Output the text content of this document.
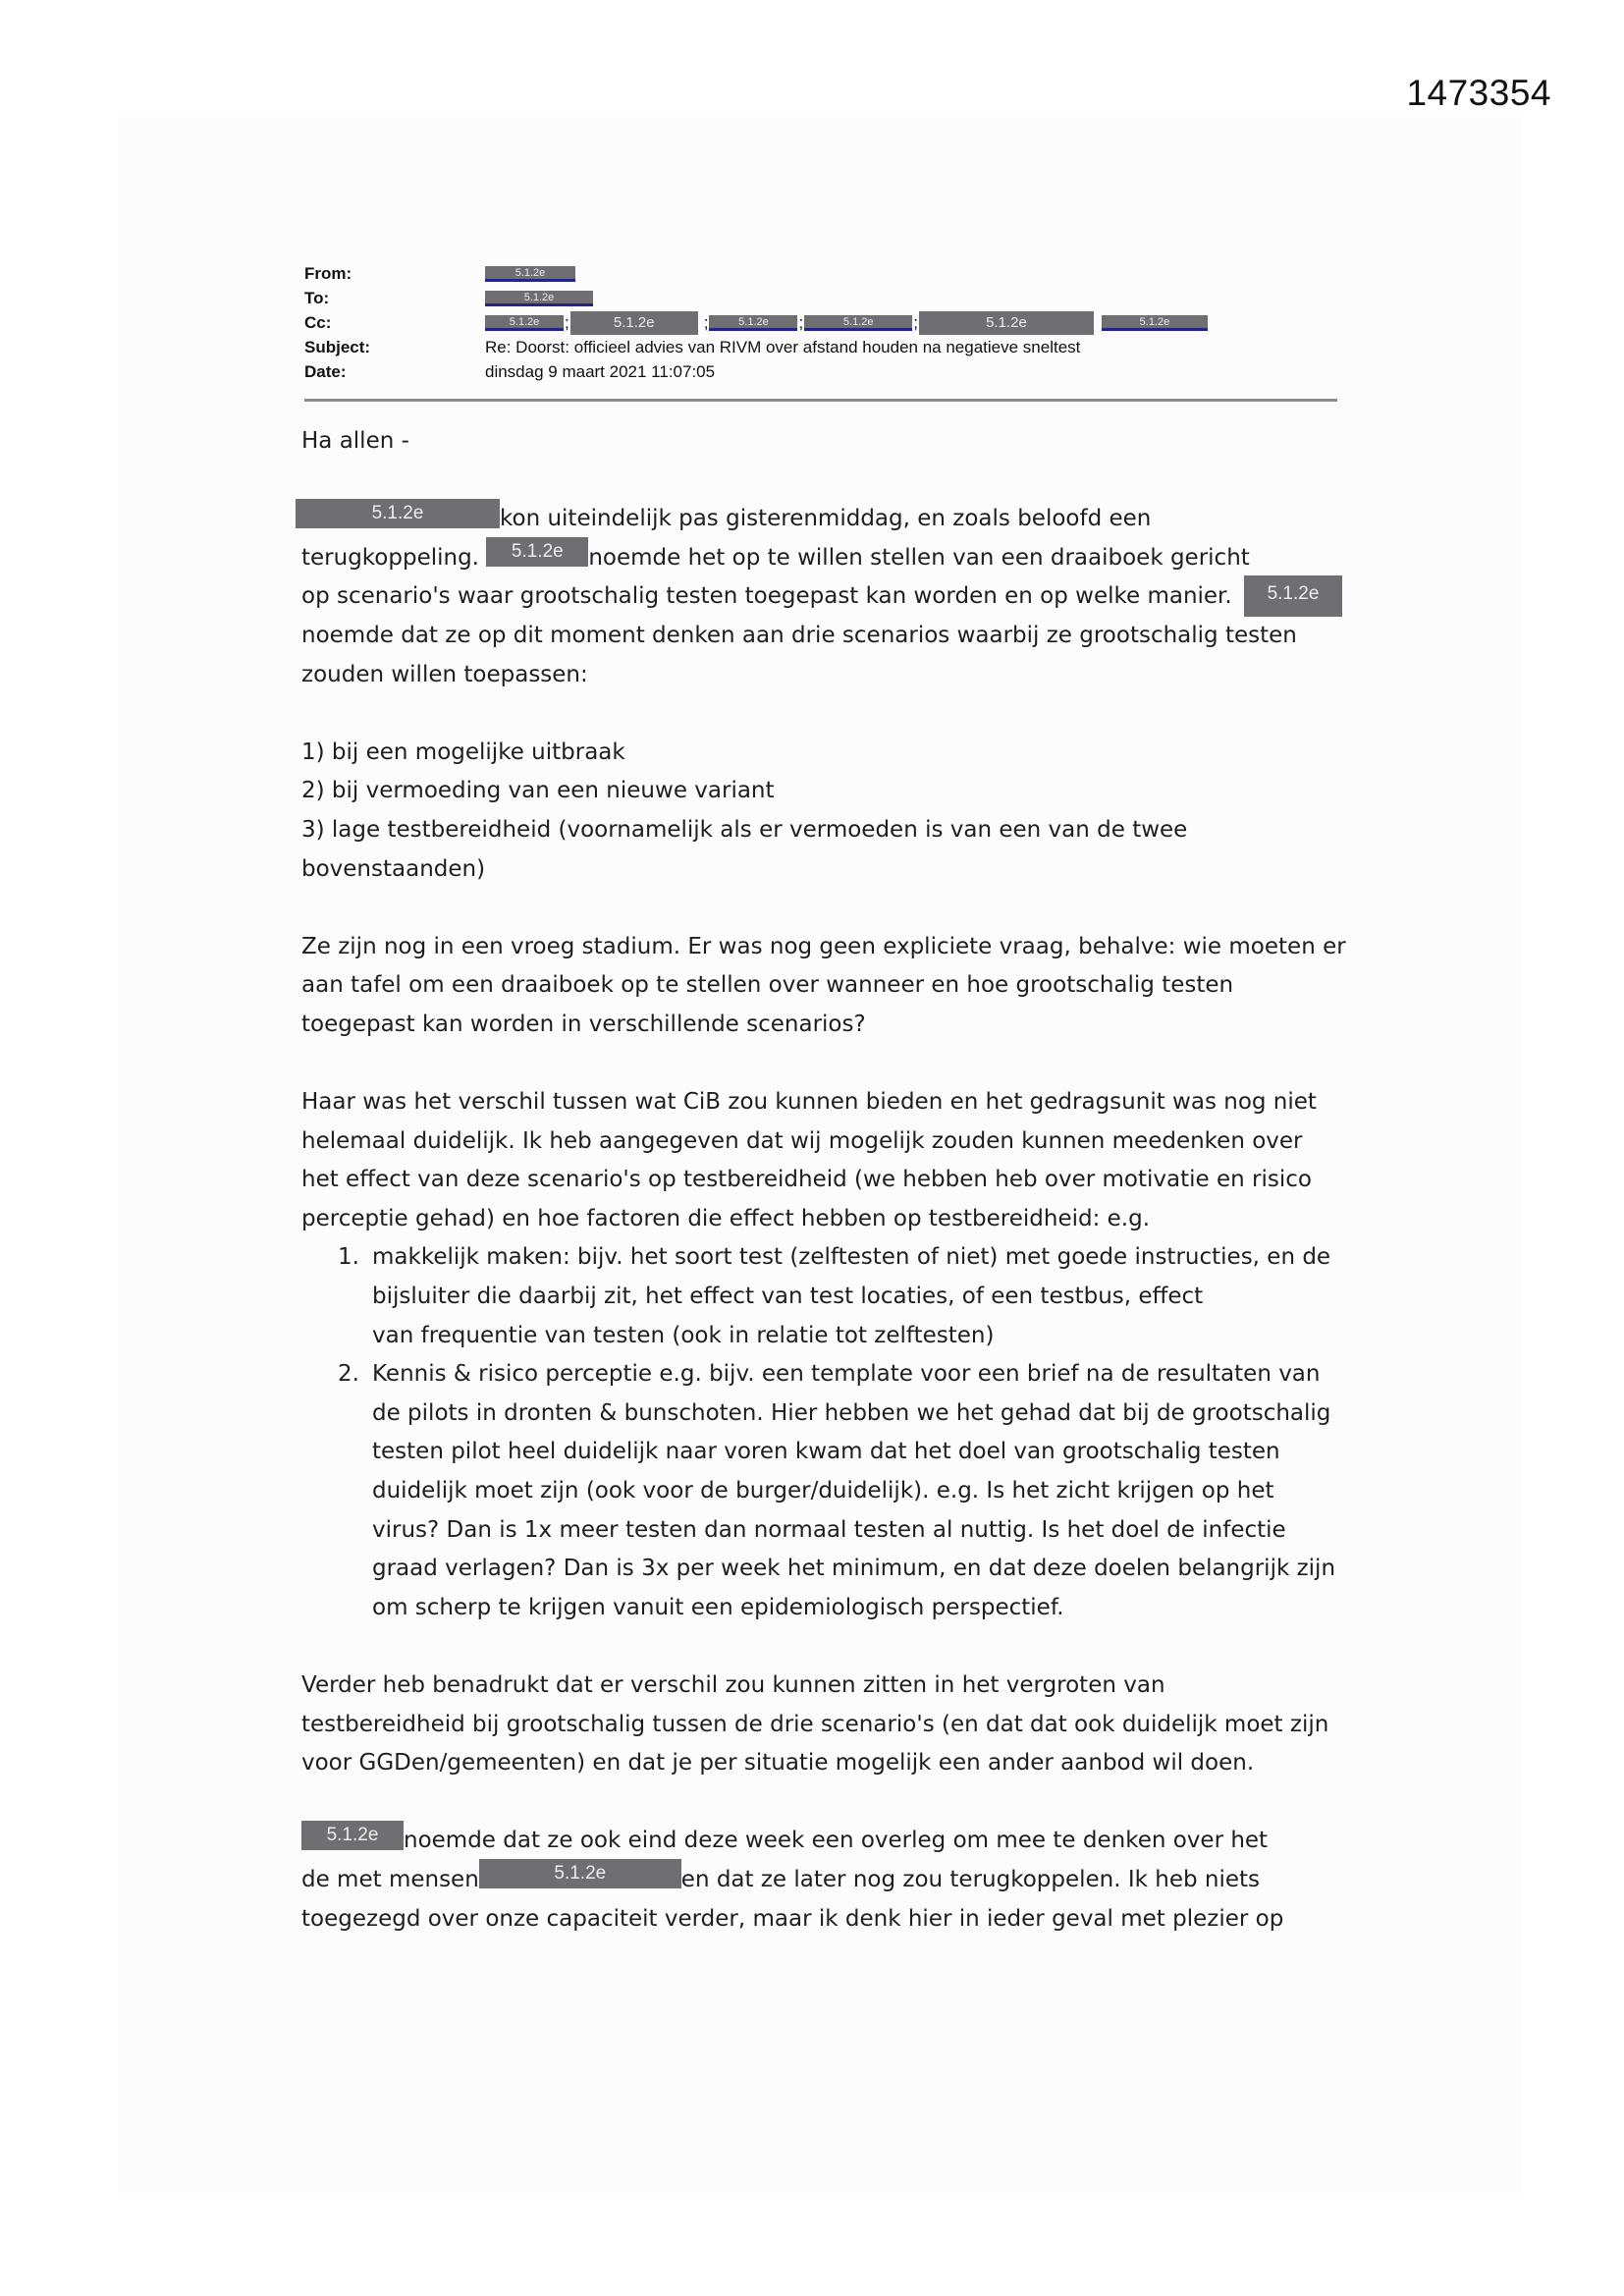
1473354
From:	5.1.2e
To:	5.1.2e
Cc:	5.1.2e	;	5.1.2e	;	5.1.2e	;	5.1.2e	;	5.1.2e	5.1.2e
Subject:	Re: Doorst: officieel advies van RIVM over afstand houden na negatieve sneltest
Date:	dinsdag 9 maart 2021 11:07:05

Ha allen -

5.1.2e	kon uiteindelijk pas gisterenmiddag, en zoals beloofd een

terugkoppeling. 5.1.2e noemde het op te willen stellen van een draaiboek gericht

op scenario's waar grootschalig testen toegepast kan worden en op welke manier.	5.1.2e

noemde dat ze op dit moment denken aan drie scenarios waarbij ze grootschalig testen

zouden willen toepassen:

1) bij een mogelijke uitbraak

2) bij vermoeding van een nieuwe variant

3) lage testbereidheid (voornamelijk als er vermoeden is van een van de twee

bovenstaanden)

Ze zijn nog in een vroeg stadium. Er was nog geen expliciete vraag, behalve: wie moeten er

aan tafel om een draaiboek op te stellen over wanneer en hoe grootschalig testen

toegepast kan worden in verschillende scenarios?

Haar was het verschil tussen wat CiB zou kunnen bieden en het gedragsunit was nog niet

helemaal duidelijk. Ik heb aangegeven dat wij mogelijk zouden kunnen meedenken over

het effect van deze scenario's op testbereidheid (we hebben heb over motivatie en risico

perceptie gehad) en hoe factoren die effect hebben op testbereidheid: e.g.

1. makkelijk maken: bijv. het soort test (zelftesten of niet) met goede instructies, en de

bijsluiter die daarbij zit, het effect van test locaties, of een testbus, effect

van frequentie van testen (ook in relatie tot zelftesten)

2. Kennis & risico perceptie e.g. bijv. een template voor een brief na de resultaten van

de pilots in dronten & bunschoten. Hier hebben we het gehad dat bij de grootschalig

testen pilot heel duidelijk naar voren kwam dat het doel van grootschalig testen

duidelijk moet zijn (ook voor de burger/duidelijk). e.g. Is het zicht krijgen op het

virus? Dan is 1x meer testen dan normaal testen al nuttig. Is het doel de infectie

graad verlagen? Dan is 3x per week het minimum, en dat deze doelen belangrijk zijn

om scherp te krijgen vanuit een epidemiologisch perspectief.

Verder heb benadrukt dat er verschil zou kunnen zitten in het vergroten van

testbereidheid bij grootschalig tussen de drie scenario's (en dat dat ook duidelijk moet zijn

voor GGDen/gemeenten) en dat je per situatie mogelijk een ander aanbod wil doen.

5.1.2e noemde dat ze ook eind deze week een overleg om mee te denken over het

de met mensen	5.1.2e	en dat ze later nog zou terugkoppelen. Ik heb niets

toegezegd over onze capaciteit verder, maar ik denk hier in ieder geval met plezier op
